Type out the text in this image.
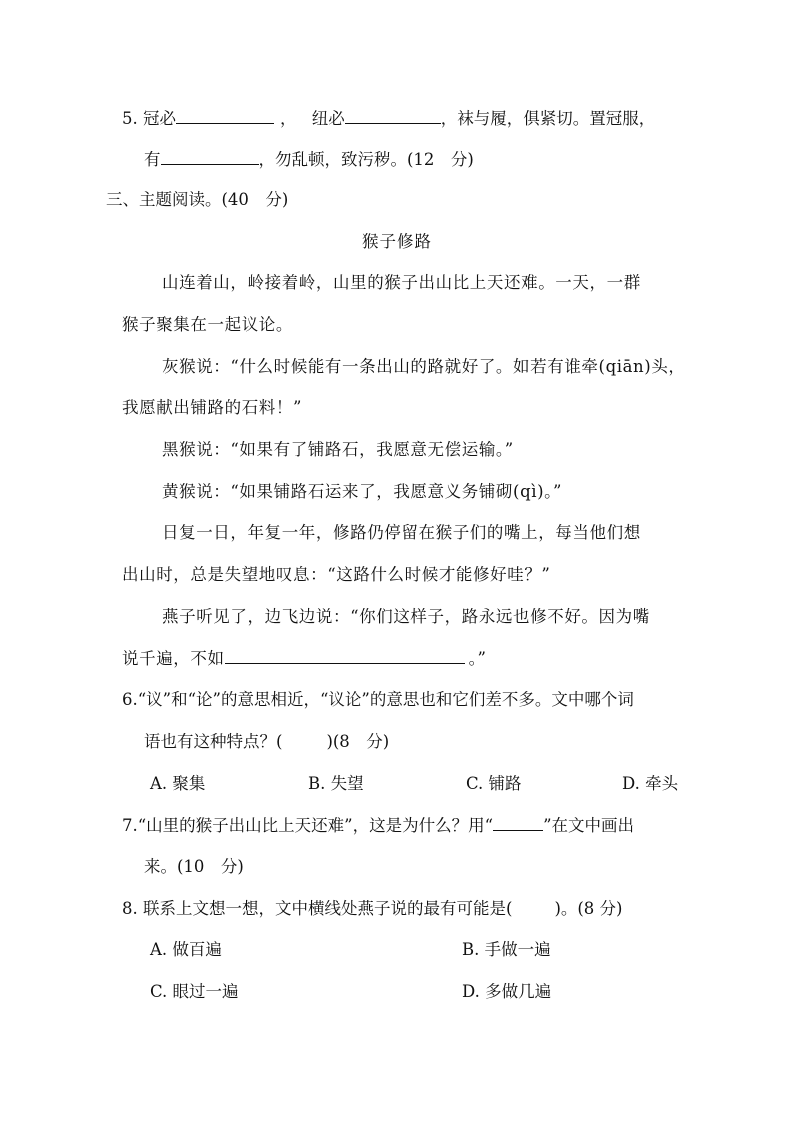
5. 冠必	， 纽必	，袜与履，俱紧切。置冠服，
有	，勿乱顿，致污秽。(12　分)
三、主题阅读。(40　分)
猴子修路
山连着山，岭接着岭，山里的猴子出山比上天还难。一天，一群
猴子聚集在一起议论。
灰猴说：“什么时候能有一条出山的路就好了。如若有谁牵(qiān)头，
我愿献出铺路的石料！”
黑猴说：“如果有了铺路石，我愿意无偿运输。”
黄猴说：“如果铺路石运来了，我愿意义务铺砌(qì)。”
日复一日，年复一年，修路仍停留在猴子们的嘴上，每当他们想
出山时，总是失望地叹息：“这路什么时候才能修好哇？”
燕子听见了，边飞边说：“你们这样子，路永远也修不好。因为嘴
说千遍，不如	。”
6.“议”和“论”的意思相近，“议论”的意思也和它们差不多。文中哪个词
语也有这种特点？(	)(8　分)
A. 聚集	B. 失望	C. 铺路	D. 牵头
7.“山里的猴子出山比上天还难”，这是为什么？用“	”在文中画出
来。(10　分)
8. 联系上文想一想，文中横线处燕子说的最有可能是(	)。(8 分)
A. 做百遍	B. 手做一遍
C. 眼过一遍	D. 多做几遍
